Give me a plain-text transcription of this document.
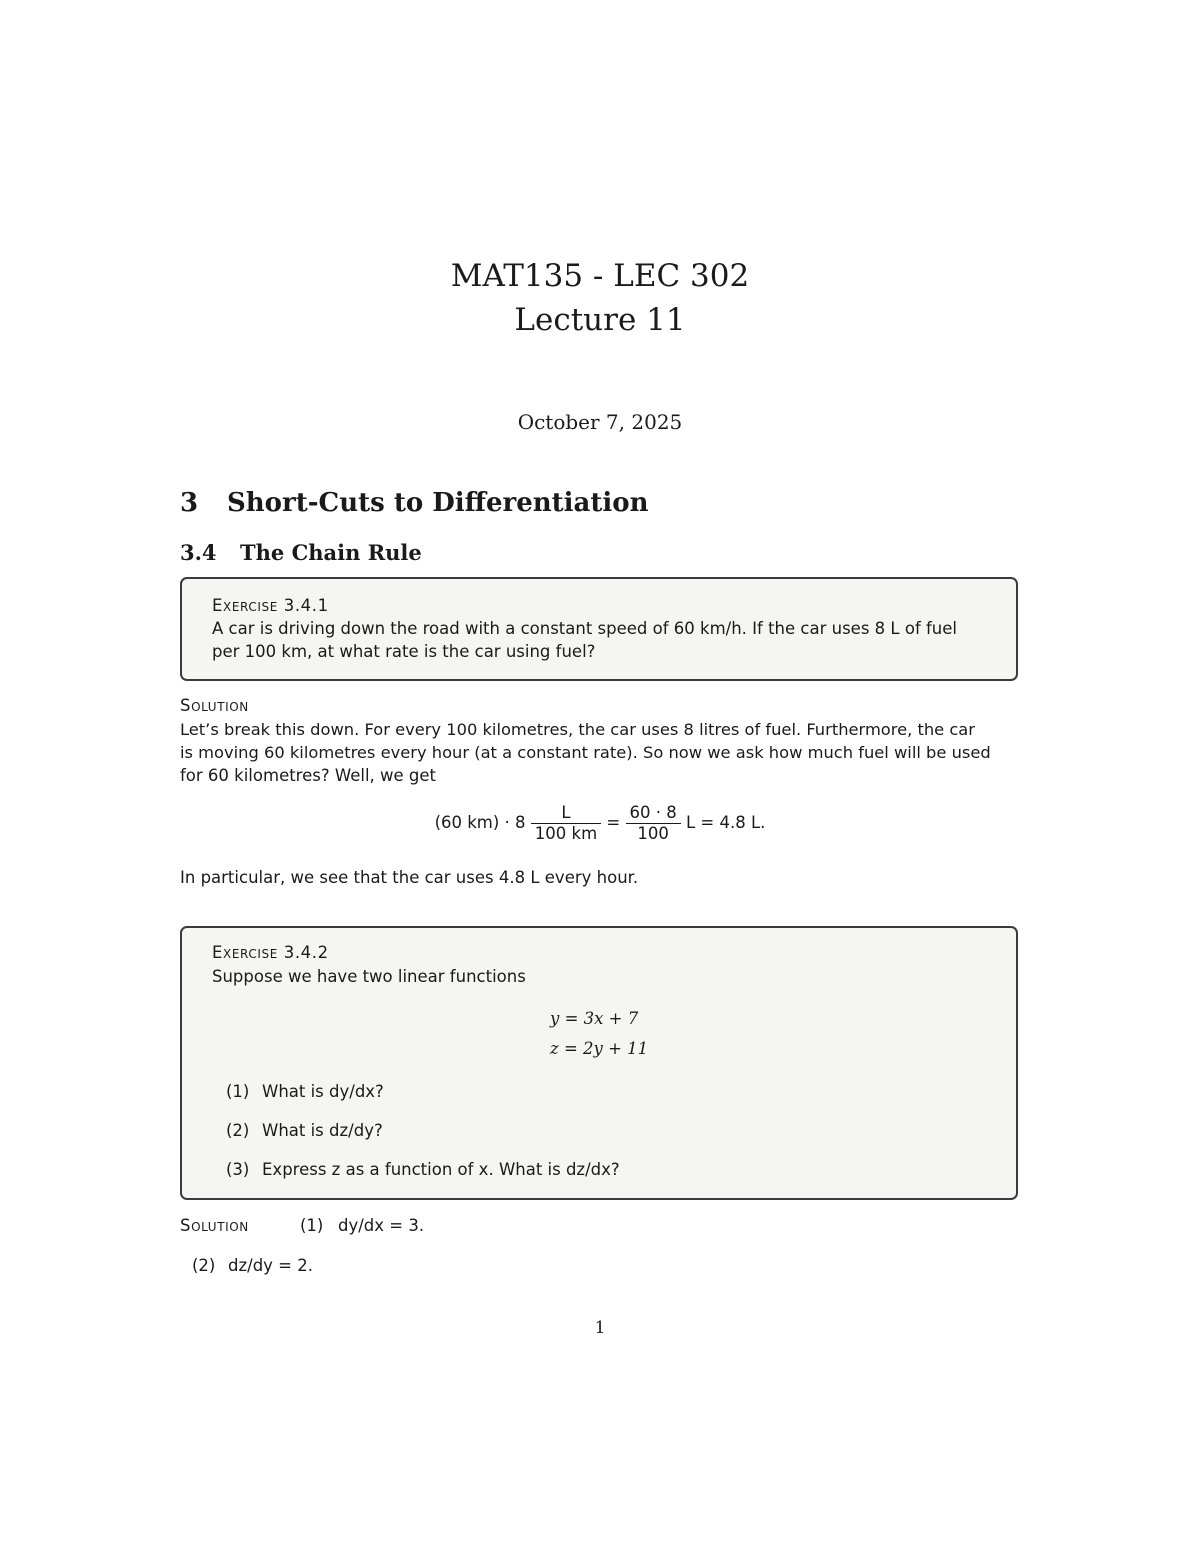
MAT135 - LEC 302
Lecture 11
October 7, 2025
3 Short-Cuts to Differentiation
3.4 The Chain Rule
Exercise 3.4.1
A car is driving down the road with a constant speed of 60 km/h. If the car uses 8 L of fuel
per 100 km, at what rate is the car using fuel?
Solution
Let’s break this down. For every 100 kilometres, the car uses 8 litres of fuel. Furthermore, the car
is moving 60 kilometres every hour (at a constant rate). So now we ask how much fuel will be used
for 60 kilometres? Well, we get
(60 $km) \cdot 8 \frac{L}{100 km} = \frac{60 \cdot 8}{100}$ L = 4.8 L.
In particular, we see that the car uses 4.8 L every hour.
Exercise 3.4.2
Suppose we have two linear functions
y = 3x + 7
z = 2y + 11
(1) What is dy/dx?
(2) What is dz/dy?
(3) Express z as a function of x. What is dz/dx?
Solution	(1) dy/dx = 3.
(2) dz/dy = 2.
1
